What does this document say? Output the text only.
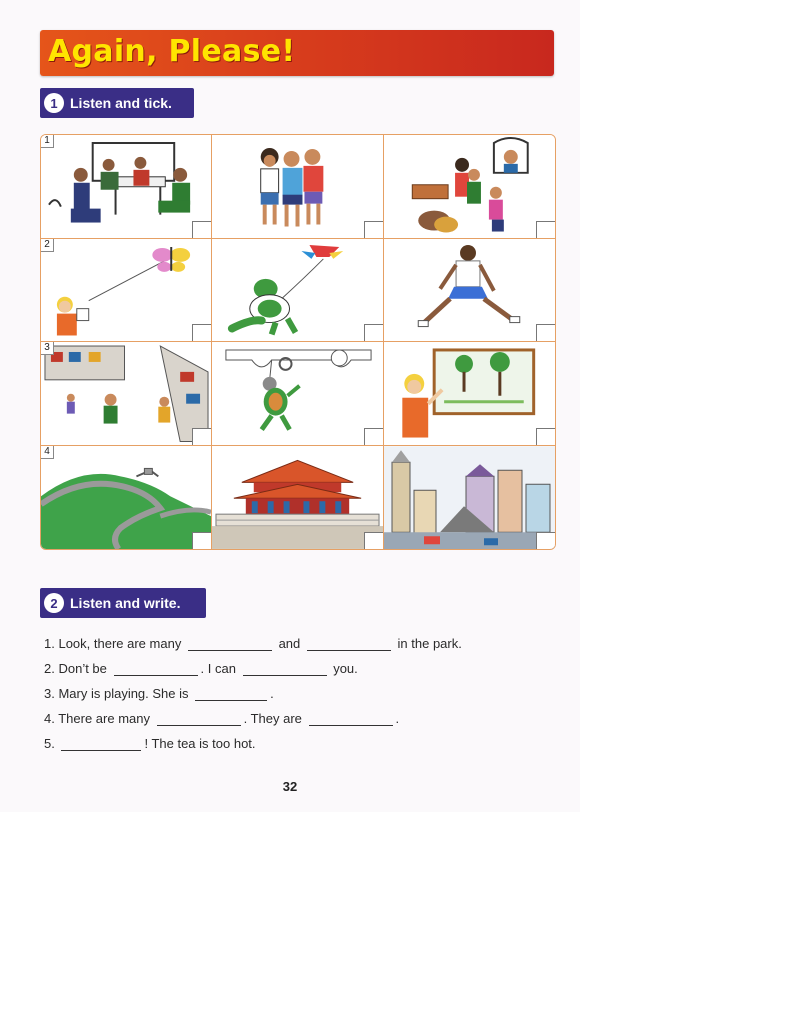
Again, Please!
1 Listen and tick.
1
2
3
4
2 Listen and write.
1. Look, there are many	and	in the park.
2. Don’t be	. I can	you.
3. Mary is playing. She is	.
4. There are many	. They are	.
5.	! The tea is too hot.
32
